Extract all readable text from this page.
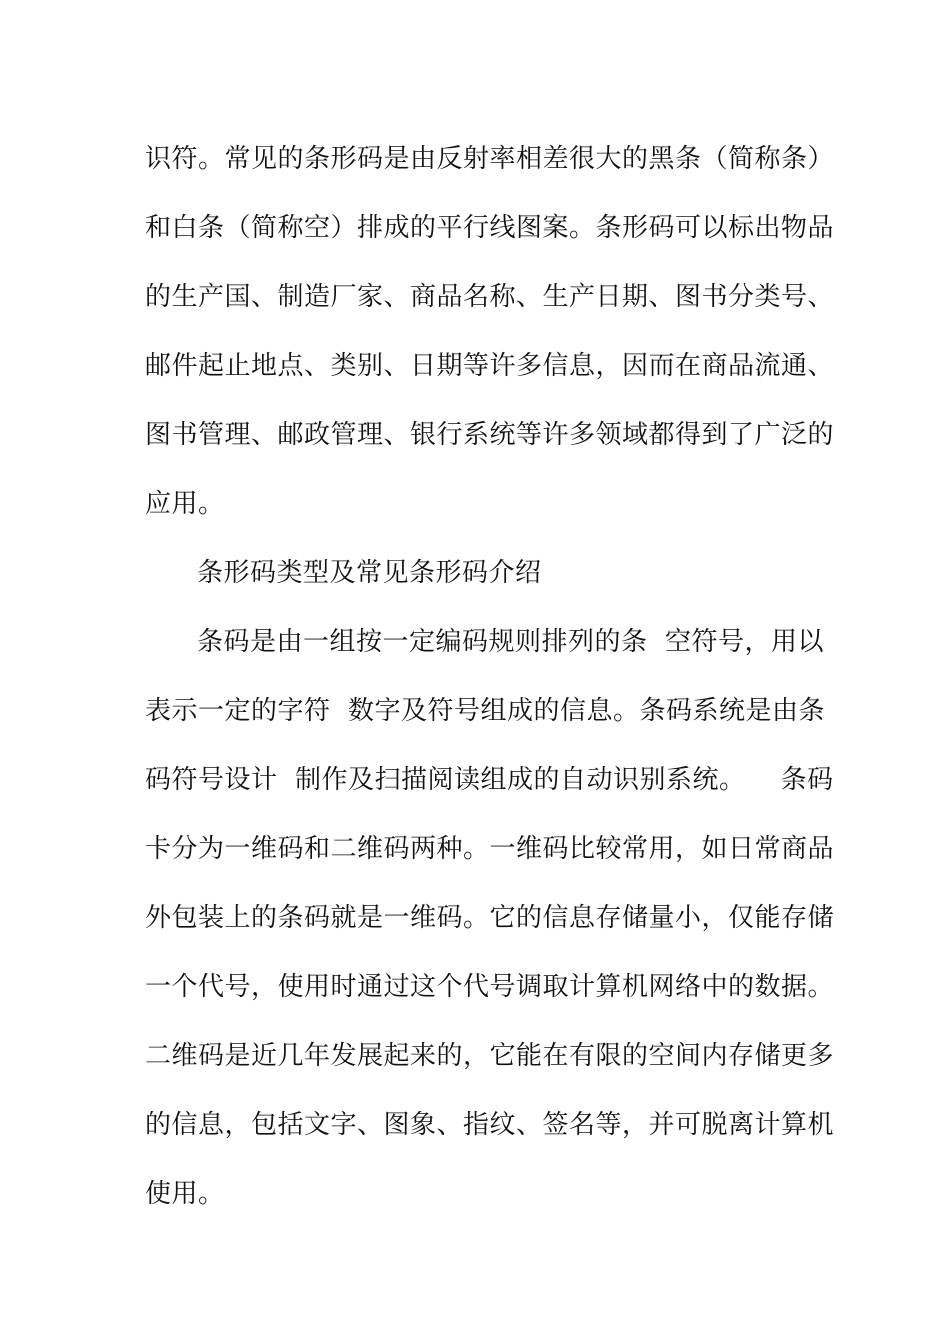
识符。常见的条形码是由反射率相差很大的黑条（简称条）
和白条（简称空）排成的平行线图案。条形码可以标出物品
的生产国、制造厂家、商品名称、生产日期、图书分类号、
邮件起止地点、类别、日期等许多信息，因而在商品流通、
图书管理、邮政管理、银行系统等许多领域都得到了广泛的
应用。
条形码类型及常见条形码介绍
条码是由一组按一定编码规则排列的条  空符号，用以
表示一定的字符  数字及符号组成的信息。条码系统是由条
码符号设计  制作及扫描阅读组成的自动识别系统。    条码
卡分为一维码和二维码两种。一维码比较常用，如日常商品
外包装上的条码就是一维码。它的信息存储量小，仅能存储
一个代号，使用时通过这个代号调取计算机网络中的数据。
二维码是近几年发展起来的，它能在有限的空间内存储更多
的信息，包括文字、图象、指纹、签名等，并可脱离计算机
使用。
